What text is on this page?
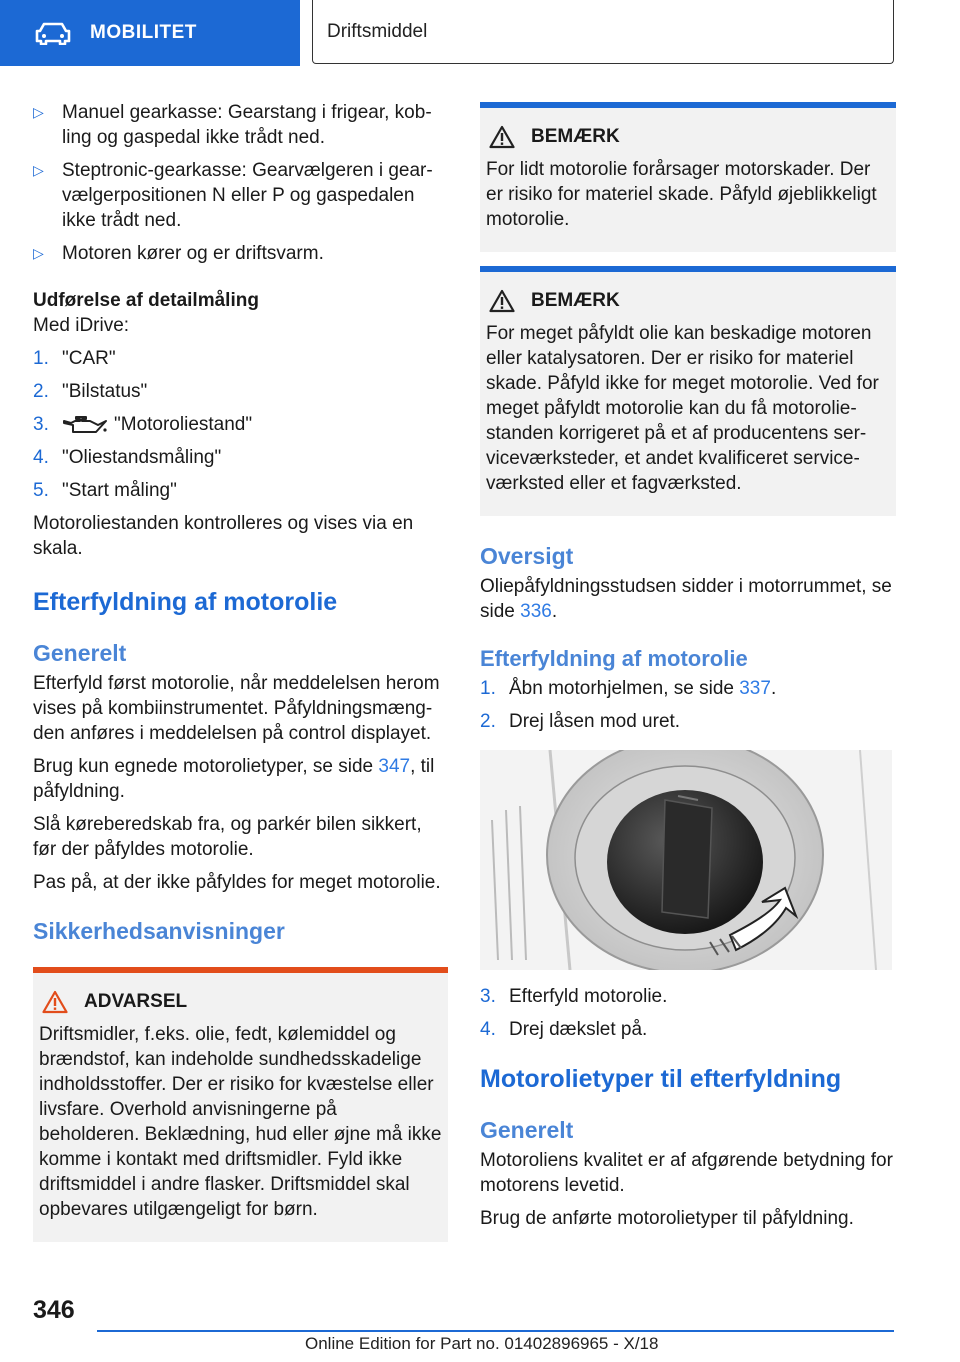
MOBILITET	Driftsmiddel
▷ Manuel gearkasse: Gearstang i frigear, kobling og gaspedal ikke trådt ned.
▷ Steptronic-gearkasse: Gearvælgeren i gearvælgerpositionen N eller P og gaspedalen ikke trådt ned.
▷ Motoren kører og er driftsvarm.
Udførelse af detailmåling
Med iDrive:
1. "CAR"
2. "Bilstatus"
3.	"Motoroliestand"
4. "Oliestandsmåling"
5. "Start måling"
Motoroliestanden kontrolleres og vises via en skala.
Efterfyldning af motorolie
Generelt
Efterfyld først motorolie, når meddelelsen herom vises på kombiinstrumentet. Påfyldningsmængden anføres i meddelelsen på control displayet.
Brug kun egnede motorolietyper, se side 347, til påfyldning.
Slå køreberedskab fra, og parkér bilen sikkert, før der påfyldes motorolie.
Pas på, at der ikke påfyldes for meget motorolie.
Sikkerhedsanvisninger
ADVARSEL
Driftsmidler, f.eks. olie, fedt, kølemiddel og brændstof, kan indeholde sundhedsskadelige indholdsstoffer. Der er risiko for kvæstelse eller livsfare. Overhold anvisningerne på beholderen. Beklædning, hud eller øjne må ikke komme i kontakt med driftsmidler. Fyld ikke driftsmiddel i andre flasker. Driftsmiddel skal opbevares utilgængeligt for børn.
BEMÆRK
For lidt motorolie forårsager motorskader. Der er risiko for materiel skade. Påfyld øjeblikkeligt motorolie.
BEMÆRK
For meget påfyldt olie kan beskadige motoren eller katalysatoren. Der er risiko for materiel skade. Påfyld ikke for meget motorolie. Ved for meget påfyldt motorolie kan du få motoroliestanden korrigeret på et af producentens serviceværksteder, et andet kvalificeret serviceværksted eller et fagværksted.
Oversigt
Oliepåfyldningsstudsen sidder i motorrummet, se side 336.
Efterfyldning af motorolie
1. Åbn motorhjelmen, se side 337.
2. Drej låsen mod uret.
3. Efterfyld motorolie.
4. Drej dækslet på.
Motorolietyper til efterfyldning
Generelt
Motoroliens kvalitet er af afgørende betydning for motorens levetid.
Brug de anførte motorolietyper til påfyldning.
346
Online Edition for Part no. 01402896965 - X/18
